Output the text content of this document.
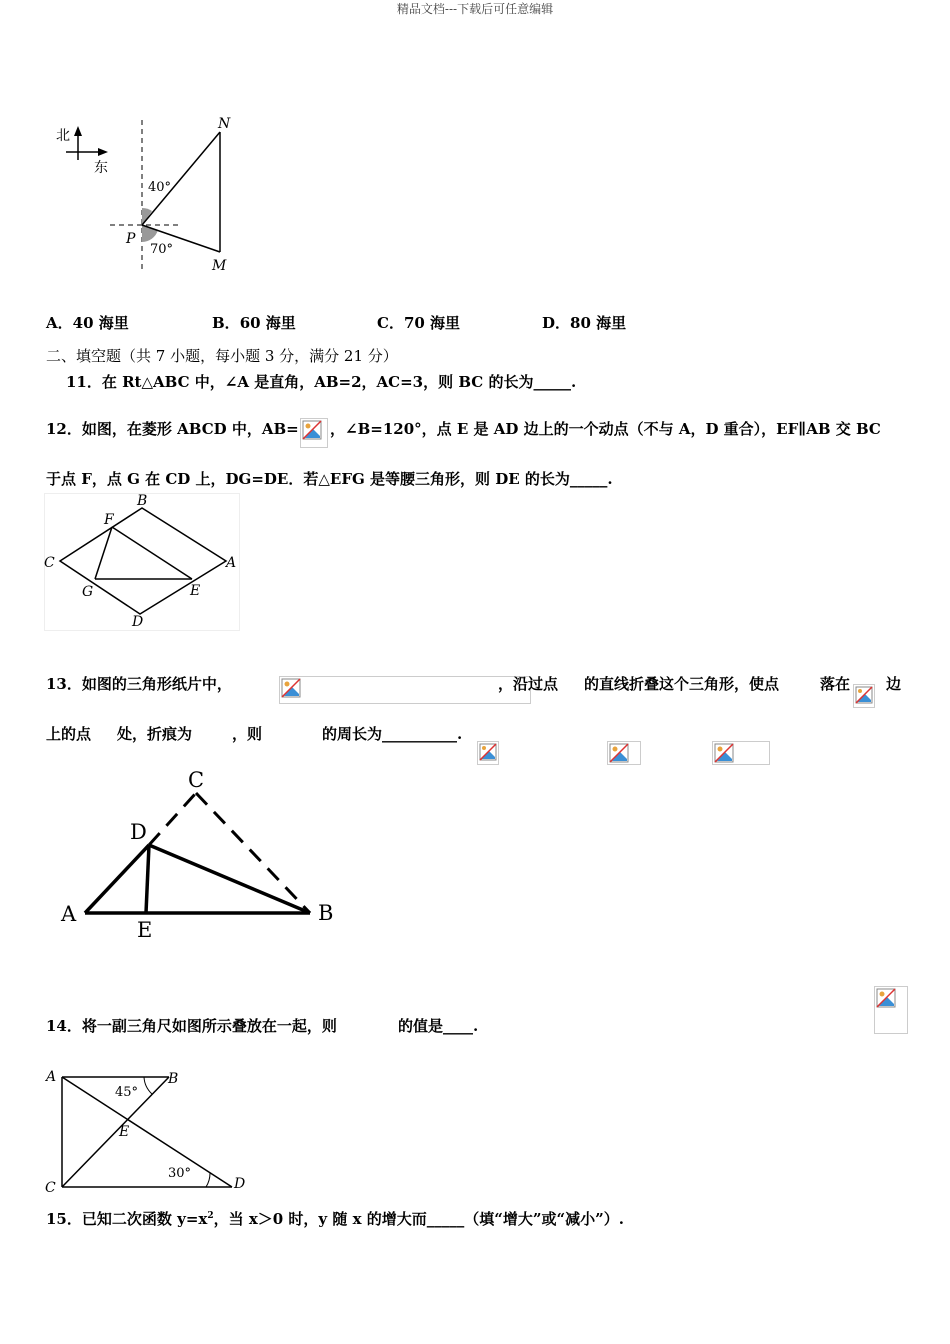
精品文档---下载后可任意编辑
北
东
N
P
M
40°
70°
A．40 海里	B．60 海里	C．70 海里	D．80 海里
二、填空题（共 7 小题，每小题 3 分，满分 21 分）
11．在 Rt△ABC 中，∠A 是直角，AB=2，AC=3，则 BC 的长为_____.
12．如图，在菱形 ABCD 中，AB=
，∠B=120°，点 E 是 AD 边上的一个动点（不与 A，D 重合），EF∥AB 交 BC
于点 F，点 G 在 CD 上，DG=DE．若△EFG 是等腰三角形，则 DE 的长为_____.
B
F
C	A
G	E
D
13．如图的三角形纸片中，
	，沿过点
的直线折叠这个三角形，使点
	落在
边
上的点
处，折痕为
	，则
	的周长为__________.
C
D
A
E
B
14．将一副三角尺如图所示叠放在一起，则	的值是____.
A	B
C	D
E
45°
30°
15．已知二次函数 $y=x^2$，当 x＞0 时，y 随 x 的增大而_____（填“增大”或“减小”）.
